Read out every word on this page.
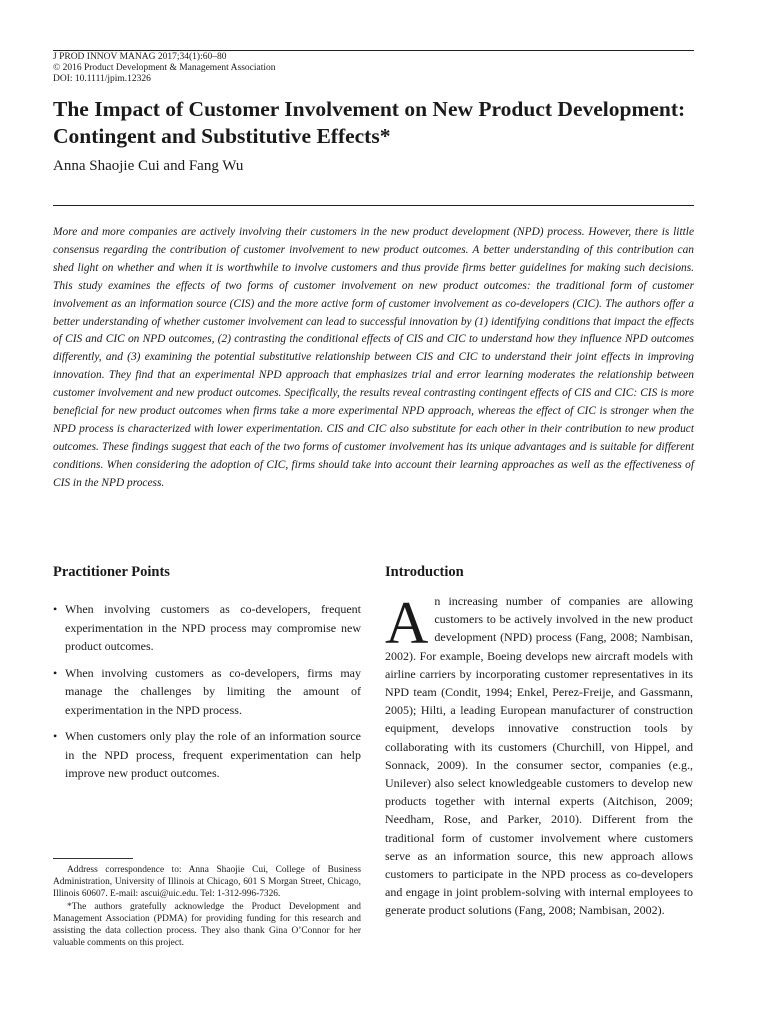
J PROD INNOV MANAG 2017;34(1):60–80
© 2016 Product Development & Management Association
DOI: 10.1111/jpim.12326
The Impact of Customer Involvement on New Product Development: Contingent and Substitutive Effects*
Anna Shaojie Cui and Fang Wu

More and more companies are actively involving their customers in the new product development (NPD) process. However, there is little consensus regarding the contribution of customer involvement to new product outcomes. A better understanding of this contribution can shed light on whether and when it is worthwhile to involve customers and thus provide firms better guidelines for making such decisions. This study examines the effects of two forms of customer involvement on new product outcomes: the traditional form of customer involvement as an information source (CIS) and the more active form of customer involvement as co-developers (CIC). The authors offer a better understanding of whether customer involvement can lead to successful innovation by (1) identifying conditions that impact the effects of CIS and CIC on NPD outcomes, (2) contrasting the conditional effects of CIS and CIC to understand how they influence NPD outcomes differently, and (3) examining the potential substitutive relationship between CIS and CIC to understand their joint effects in improving innovation. They find that an experimental NPD approach that emphasizes trial and error learning moderates the relationship between customer involvement and new product outcomes. Specifically, the results reveal contrasting contingent effects of CIS and CIC: CIS is more beneficial for new product outcomes when firms take a more experimental NPD approach, whereas the effect of CIC is stronger when the NPD process is characterized with lower experimentation. CIS and CIC also substitute for each other in their contribution to new product outcomes. These findings suggest that each of the two forms of customer involvement has its unique advantages and is suitable for different conditions. When considering the adoption of CIC, firms should take into account their learning approaches as well as the effectiveness of CIS in the NPD process.

Practitioner Points
• When involving customers as co-developers, frequent experimentation in the NPD process may compromise new product outcomes.
• When involving customers as co-developers, firms may manage the challenges by limiting the amount of experimentation in the NPD process.
• When customers only play the role of an information source in the NPD process, frequent experimentation can help improve new product outcomes.

Address correspondence to: Anna Shaojie Cui, College of Business Administration, University of Illinois at Chicago, 601 S Morgan Street, Chicago, Illinois 60607. E-mail: ascui@uic.edu. Tel: 1-312-996-7326.

*The authors gratefully acknowledge the Product Development and Management Association (PDMA) for providing funding for this research and assisting the data collection process. They also thank Gina O’Connor for her valuable comments on this project.

Introduction

An increasing number of companies are allowing customers to be actively involved in the new product development (NPD) process (Fang, 2008; Nambisan, 2002). For example, Boeing develops new aircraft models with airline carriers by incorporating customer representatives in its NPD team (Condit, 1994; Enkel, Perez-Freije, and Gassmann, 2005); Hilti, a leading European manufacturer of construction equipment, develops innovative construction tools by collaborating with its customers (Churchill, von Hippel, and Sonnack, 2009). In the consumer sector, companies (e.g., Unilever) also select knowledgeable customers to develop new products together with internal experts (Aitchison, 2009; Needham, Rose, and Parker, 2010). Different from the traditional form of customer involvement where customers serve as an information source, this new approach allows customers to participate in the NPD process as co-developers and engage in joint problem-solving with internal employees to generate product solutions (Fang, 2008; Nambisan, 2002).
